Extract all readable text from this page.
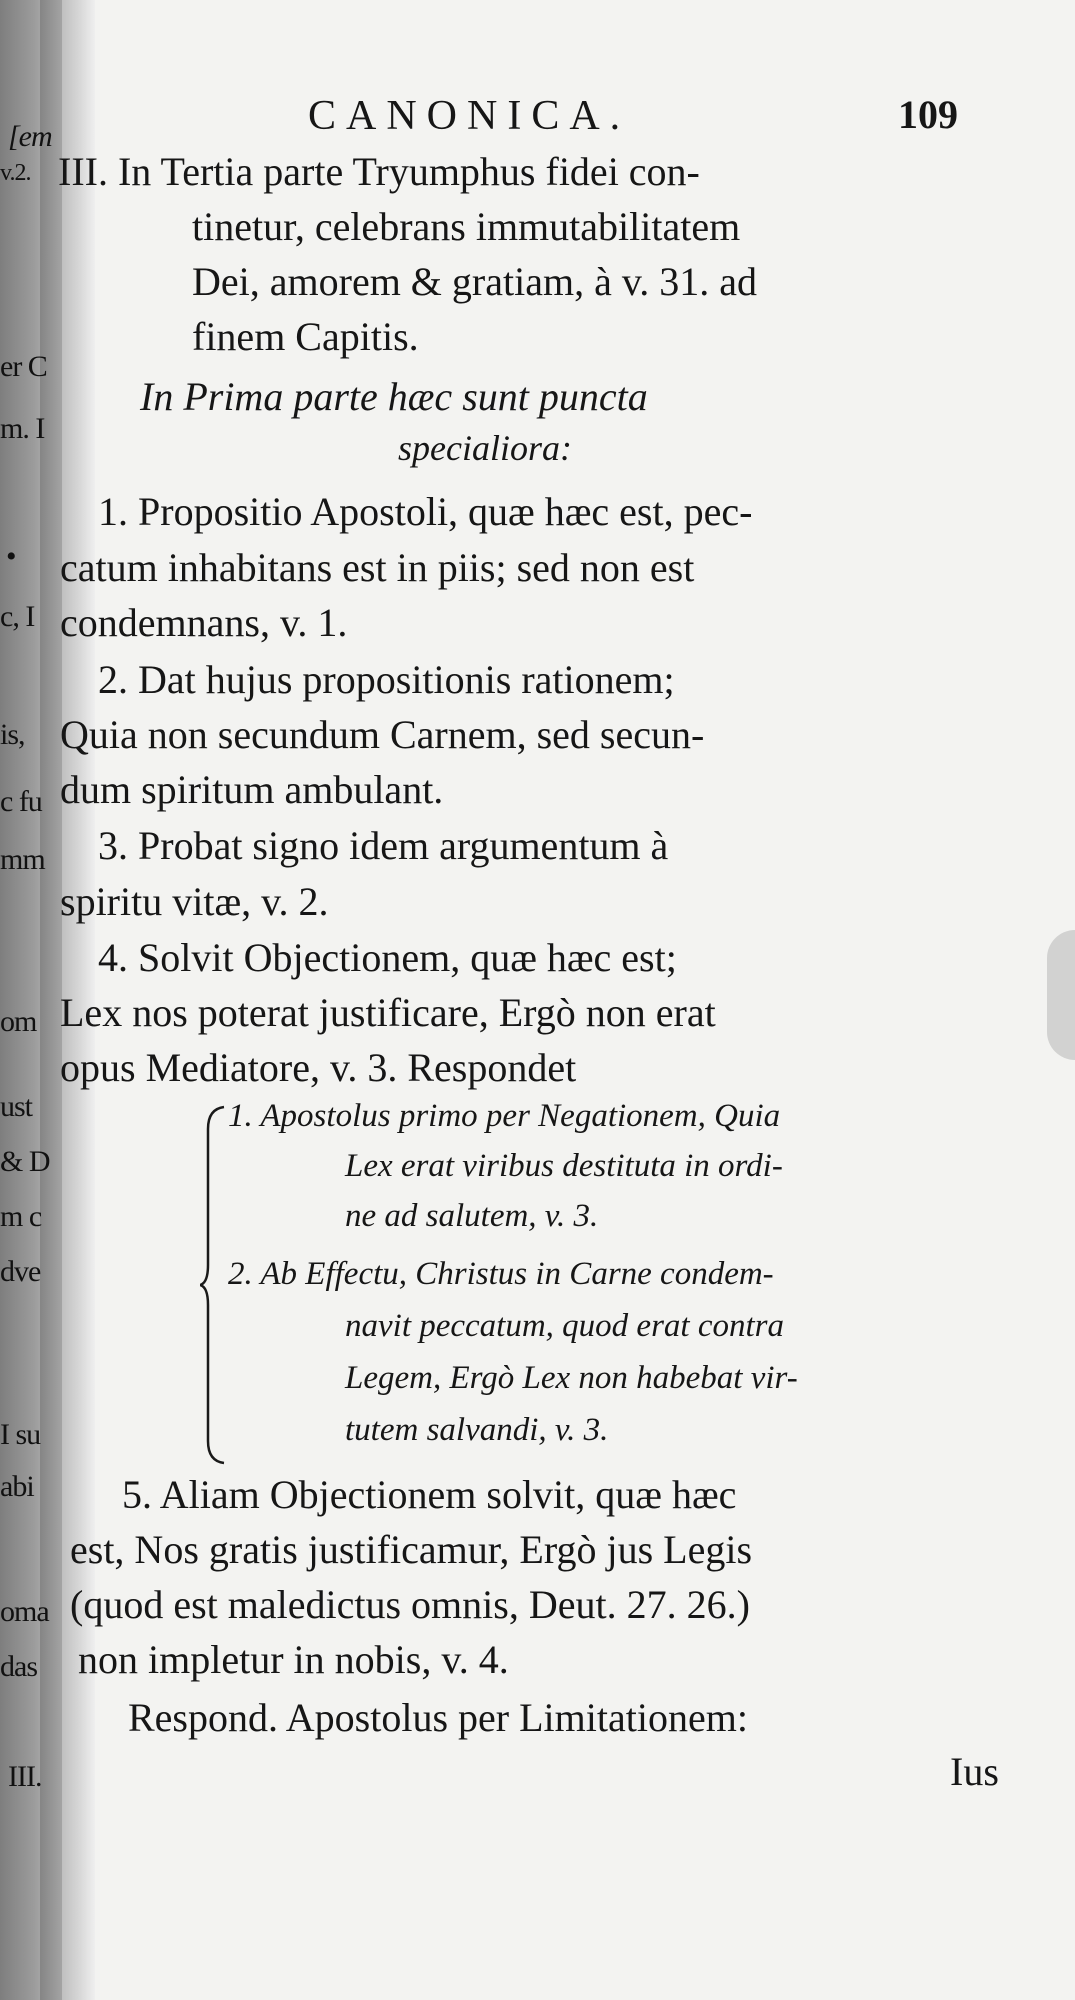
[em
v.2.
er C
m. I
•
c, I
is,
c fu
mm
om
ust
& D
m c
dve
I su
abi
oma
das
III.
CANONICA.	109
III. In Tertia parte Tryumphus fidei con-
tinetur, celebrans immutabilitatem
Dei, amorem & gratiam, à v. 31. ad
finem Capitis.
In Prima parte hæc sunt puncta
specialiora:
1. Propositio Apostoli, quæ hæc est, pec-
catum inhabitans est in piis; sed non est
condemnans, v. 1.
2. Dat hujus propositionis rationem;
Quia non secundum Carnem, sed secun-
dum spiritum ambulant.
3. Probat signo idem argumentum à
spiritu vitæ, v. 2.
4. Solvit Objectionem, quæ hæc est;
Lex nos poterat justificare, Ergò non erat
opus Mediatore, v. 3. Respondet
1. Apostolus primo per Negationem, Quia
Lex erat viribus destituta in ordi-
ne ad salutem, v. 3.
2. Ab Effectu, Christus in Carne condem-
navit peccatum, quod erat contra
Legem, Ergò Lex non habebat vir-
tutem salvandi, v. 3.
5. Aliam Objectionem solvit, quæ hæc
est, Nos gratis justificamur, Ergò jus Legis
(quod est maledictus omnis, Deut. 27. 26.)
non impletur in nobis, v. 4.
Respond. Apostolus per Limitationem:
Ius
